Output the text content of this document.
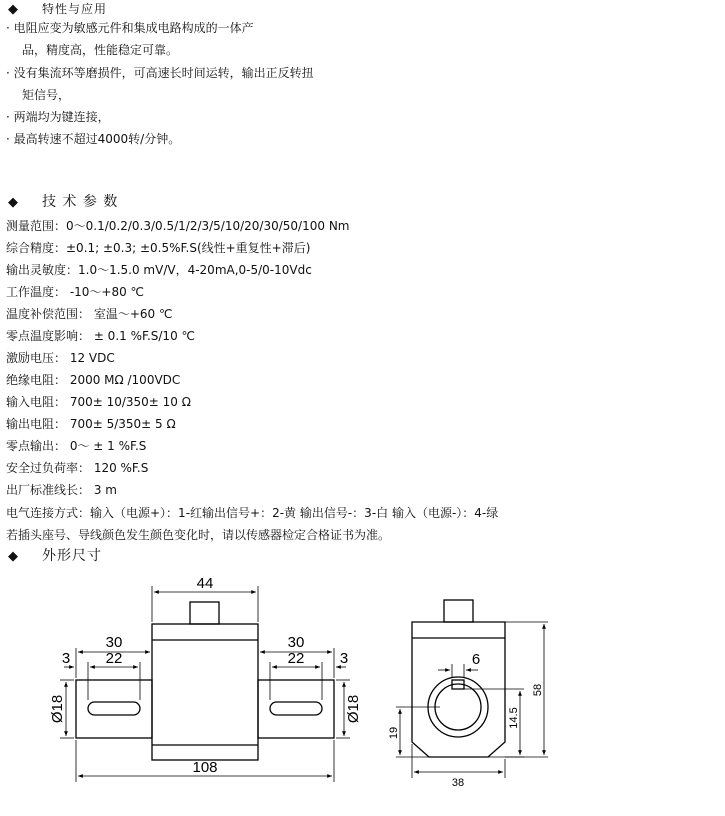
◆ 特性与应用
· 电阻应变为敏感元件和集成电路构成的一体产
品，精度高，性能稳定可靠。
· 没有集流环等磨损件，可高速长时间运转，输出正反转扭
矩信号，
· 两端均为键连接，
· 最高转速不超过4000转/分钟。
◆ 技 术 参 数
测量范围：0～0.1/0.2/0.3/0.5/1/2/3/5/10/20/30/50/100 Nm
综合精度：±0.1; ±0.3; ±0.5%F.S(线性+重复性+滞后)
输出灵敏度：1.0～1.5.0 mV/V，4-20mA,0-5/0-10Vdc
工作温度： -10～+80 ℃
温度补偿范围： 室温～+60 ℃
零点温度影响： ± 0.1 %F.S/10 ℃
激励电压： 12 VDC
绝缘电阻： 2000 MΩ /100VDC
输入电阻： 700± 10/350± 10 Ω
输出电阻： 700± 5/350± 5 Ω
零点输出： 0～ ± 1 %F.S
安全过负荷率： 120 %F.S
出厂标准线长： 3 m
电气连接方式：输入（电源+）：1-红输出信号+：2-黄 输出信号-：3-白 输入（电源-）：4-绿
若插头座号、导线颜色发生颜色变化时，请以传感器检定合格证书为准。
◆ 外形尺寸
44
30
22
3
30
22 3
Ø18	Ø18
108
6
58
14.5
19
38
